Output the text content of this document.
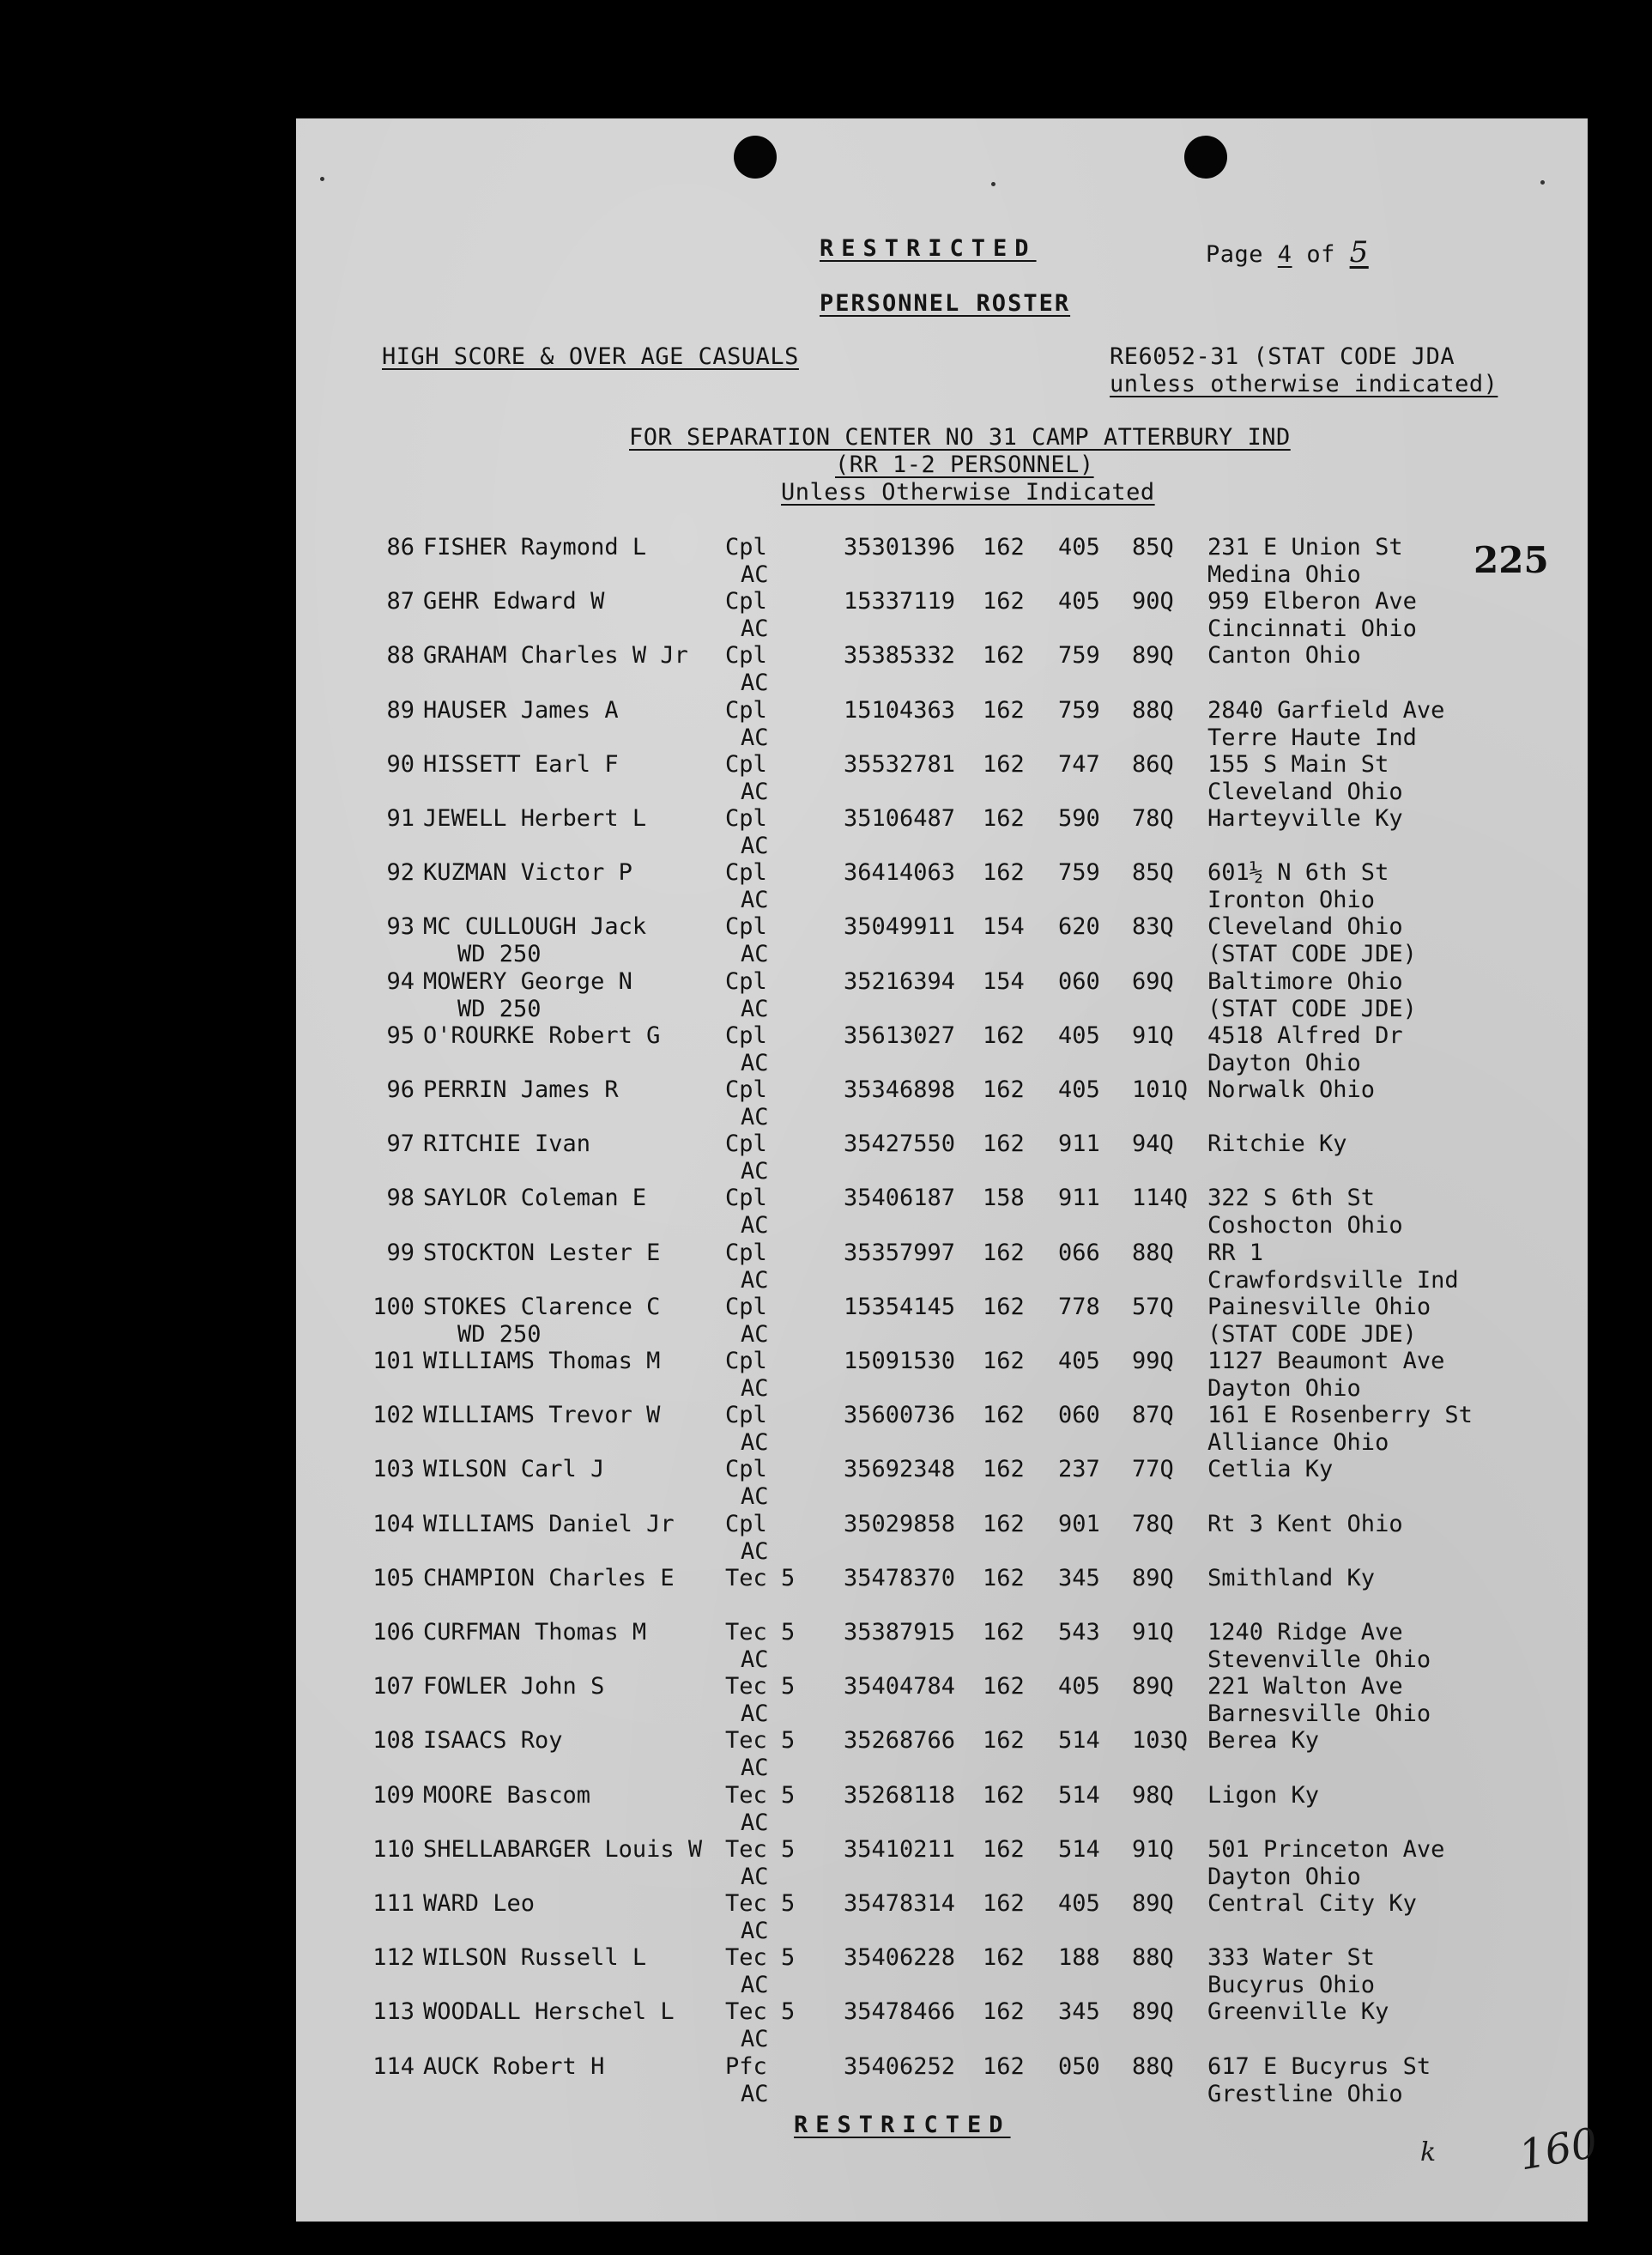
RESTRICTED	Page 4 of 5
PERSONNEL ROSTER
HIGH SCORE & OVER AGE CASUALS	RE6052-31 (STAT CODE JDA
unless otherwise indicated)
FOR SEPARATION CENTER NO 31 CAMP ATTERBURY IND
(RR 1-2 PERSONNEL)
Unless Otherwise Indicated
225
86 FISHER Raymond L	Cpl	35301396 162 405 85Q 231 E Union St
AC	Medina Ohio
87 GEHR Edward W	Cpl	15337119 162 405 90Q 959 Elberon Ave
AC	Cincinnati Ohio
88 GRAHAM Charles W Jr Cpl	35385332 162 759 89Q Canton Ohio
AC
89 HAUSER James A	Cpl	15104363 162 759 88Q 2840 Garfield Ave
AC	Terre Haute Ind
90 HISSETT Earl F	Cpl	35532781 162 747 86Q 155 S Main St
AC	Cleveland Ohio
91 JEWELL Herbert L	Cpl	35106487 162 590 78Q Harteyville Ky
AC
92 KUZMAN Victor P	Cpl	36414063 162 759 85Q 601½ N 6th St
AC	Ironton Ohio
93 MC CULLOUGH Jack	Cpl	35049911 154 620 83Q Cleveland Ohio
WD 250	AC	(STAT CODE JDE)
94 MOWERY George N	Cpl	35216394 154 060 69Q Baltimore Ohio
WD 250	AC	(STAT CODE JDE)
95 O'ROURKE Robert G	Cpl	35613027 162 405 91Q 4518 Alfred Dr
AC	Dayton Ohio
96 PERRIN James R	Cpl	35346898 162 405 101Q Norwalk Ohio
AC
97 RITCHIE Ivan	Cpl	35427550 162 911 94Q Ritchie Ky
AC
98 SAYLOR Coleman E	Cpl	35406187 158 911 114Q 322 S 6th St
AC	Coshocton Ohio
99 STOCKTON Lester E	Cpl	35357997 162 066 88Q RR 1
AC	Crawfordsville Ind
100 STOKES Clarence C	Cpl	15354145 162 778 57Q Painesville Ohio
WD 250	AC	(STAT CODE JDE)
101 WILLIAMS Thomas M	Cpl	15091530 162 405 99Q 1127 Beaumont Ave
AC	Dayton Ohio
102 WILLIAMS Trevor W	Cpl	35600736 162 060 87Q 161 E Rosenberry St
AC	Alliance Ohio
103 WILSON Carl J	Cpl	35692348 162 237 77Q Cetlia Ky
AC
104 WILLIAMS Daniel Jr Cpl	35029858 162 901 78Q Rt 3 Kent Ohio
AC
105 CHAMPION Charles E Tec 5 35478370 162 345 89Q Smithland Ky
106 CURFMAN Thomas M	Tec 5 35387915 162 543 91Q 1240 Ridge Ave
AC	Stevenville Ohio
107 FOWLER John S	Tec 5 35404784 162 405 89Q 221 Walton Ave
AC	Barnesville Ohio
108 ISAACS Roy	Tec 5 35268766 162 514 103Q Berea Ky
AC
109 MOORE Bascom	Tec 5 35268118 162 514 98Q Ligon Ky
AC
110 SHELLABARGER Louis W Tec 5 35410211 162 514 91Q 501 Princeton Ave
AC	Dayton Ohio
111 WARD Leo	Tec 5 35478314 162 405 89Q Central City Ky
AC
112 WILSON Russell L	Tec 5 35406228 162 188 88Q 333 Water St
AC	Bucyrus Ohio
113 WOODALL Herschel L Tec 5 35478466 162 345 89Q Greenville Ky
AC
114 AUCK Robert H	Pfc	35406252 162 050 88Q 617 E Bucyrus St
AC	Grestline Ohio
RESTRICTED
k 160
